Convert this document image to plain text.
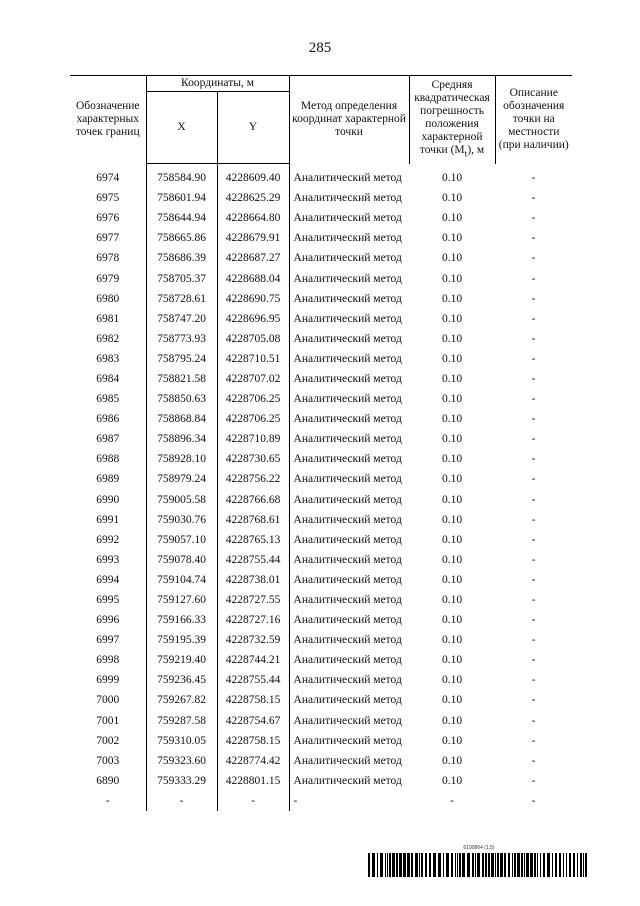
285
Обозначение характерных точек границ	Координаты, м		Метод определения координат характерной точки	Средняя квадратическая погрешность положения характерной точки $(M_t)$, м	Описание обозначения точки на местности (при наличии)
	X	Y			
6974	758584.90	4228609.40	Аналитический метод	0.10	-
6975	758601.94	4228625.29	Аналитический метод	0.10	-
6976	758644.94	4228664.80	Аналитический метод	0.10	-
6977	758665.86	4228679.91	Аналитический метод	0.10	-
6978	758686.39	4228687.27	Аналитический метод	0.10	-
6979	758705.37	4228688.04	Аналитический метод	0.10	-
6980	758728.61	4228690.75	Аналитический метод	0.10	-
6981	758747.20	4228696.95	Аналитический метод	0.10	-
6982	758773.93	4228705.08	Аналитический метод	0.10	-
6983	758795.24	4228710.51	Аналитический метод	0.10	-
6984	758821.58	4228707.02	Аналитический метод	0.10	-
6985	758850.63	4228706.25	Аналитический метод	0.10	-
6986	758868.84	4228706.25	Аналитический метод	0.10	-
6987	758896.34	4228710.89	Аналитический метод	0.10	-
6988	758928.10	4228730.65	Аналитический метод	0.10	-
6989	758979.24	4228756.22	Аналитический метод	0.10	-
6990	759005.58	4228766.68	Аналитический метод	0.10	-
6991	759030.76	4228768.61	Аналитический метод	0.10	-
6992	759057.10	4228765.13	Аналитический метод	0.10	-
6993	759078.40	4228755.44	Аналитический метод	0.10	-
6994	759104.74	4228738.01	Аналитический метод	0.10	-
6995	759127.60	4228727.55	Аналитический метод	0.10	-
6996	759166.33	4228727.16	Аналитический метод	0.10	-
6997	759195.39	4228732.59	Аналитический метод	0.10	-
6998	759219.40	4228744.21	Аналитический метод	0.10	-
6999	759236.45	4228755.44	Аналитический метод	0.10	-
7000	759267.82	4228758.15	Аналитический метод	0.10	-
7001	759287.58	4228754.67	Аналитический метод	0.10	-
7002	759310.05	4228758.15	Аналитический метод	0.10	-
7003	759323.60	4228774.42	Аналитический метод	0.10	-
6890	759333.29	4228801.15	Аналитический метод	0.10	-
-	-	-	-	-	-
6190864 (1.5)
